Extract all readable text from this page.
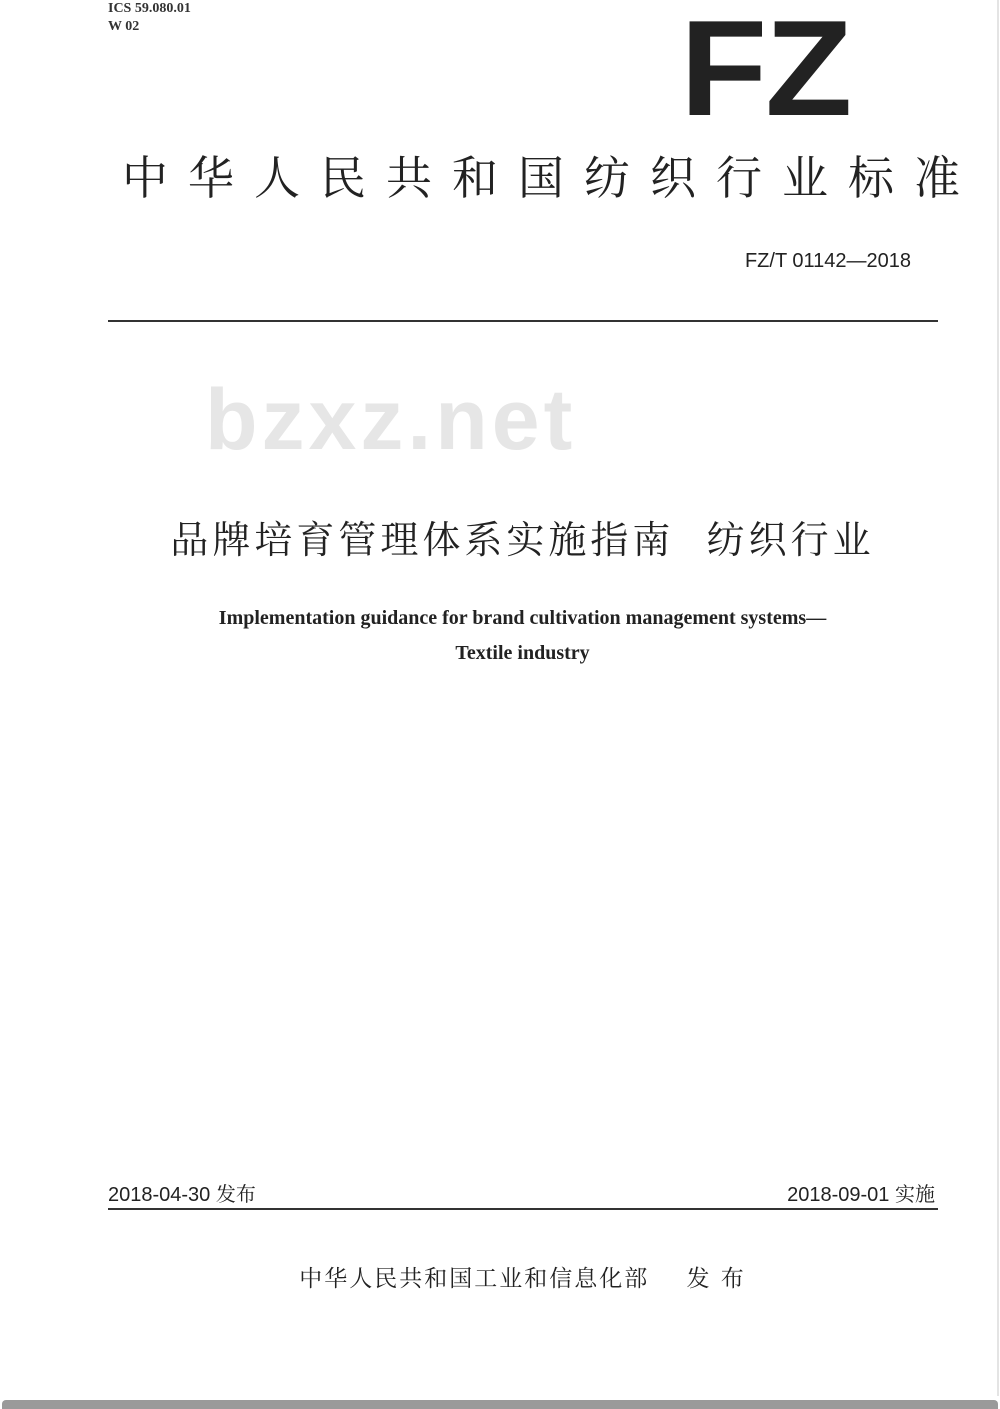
bzxz.net
ICS 59.080.01
W 02	FZ
中华人民共和国纺织行业标准
FZ/T 01142—2018
品牌培育管理体系实施指南  纺织行业
Implementation guidance for brand cultivation management systems—
Textile industry
2018-04-30 发布	2018-09-01 实施
中华人民共和国工业和信息化部    发 布
